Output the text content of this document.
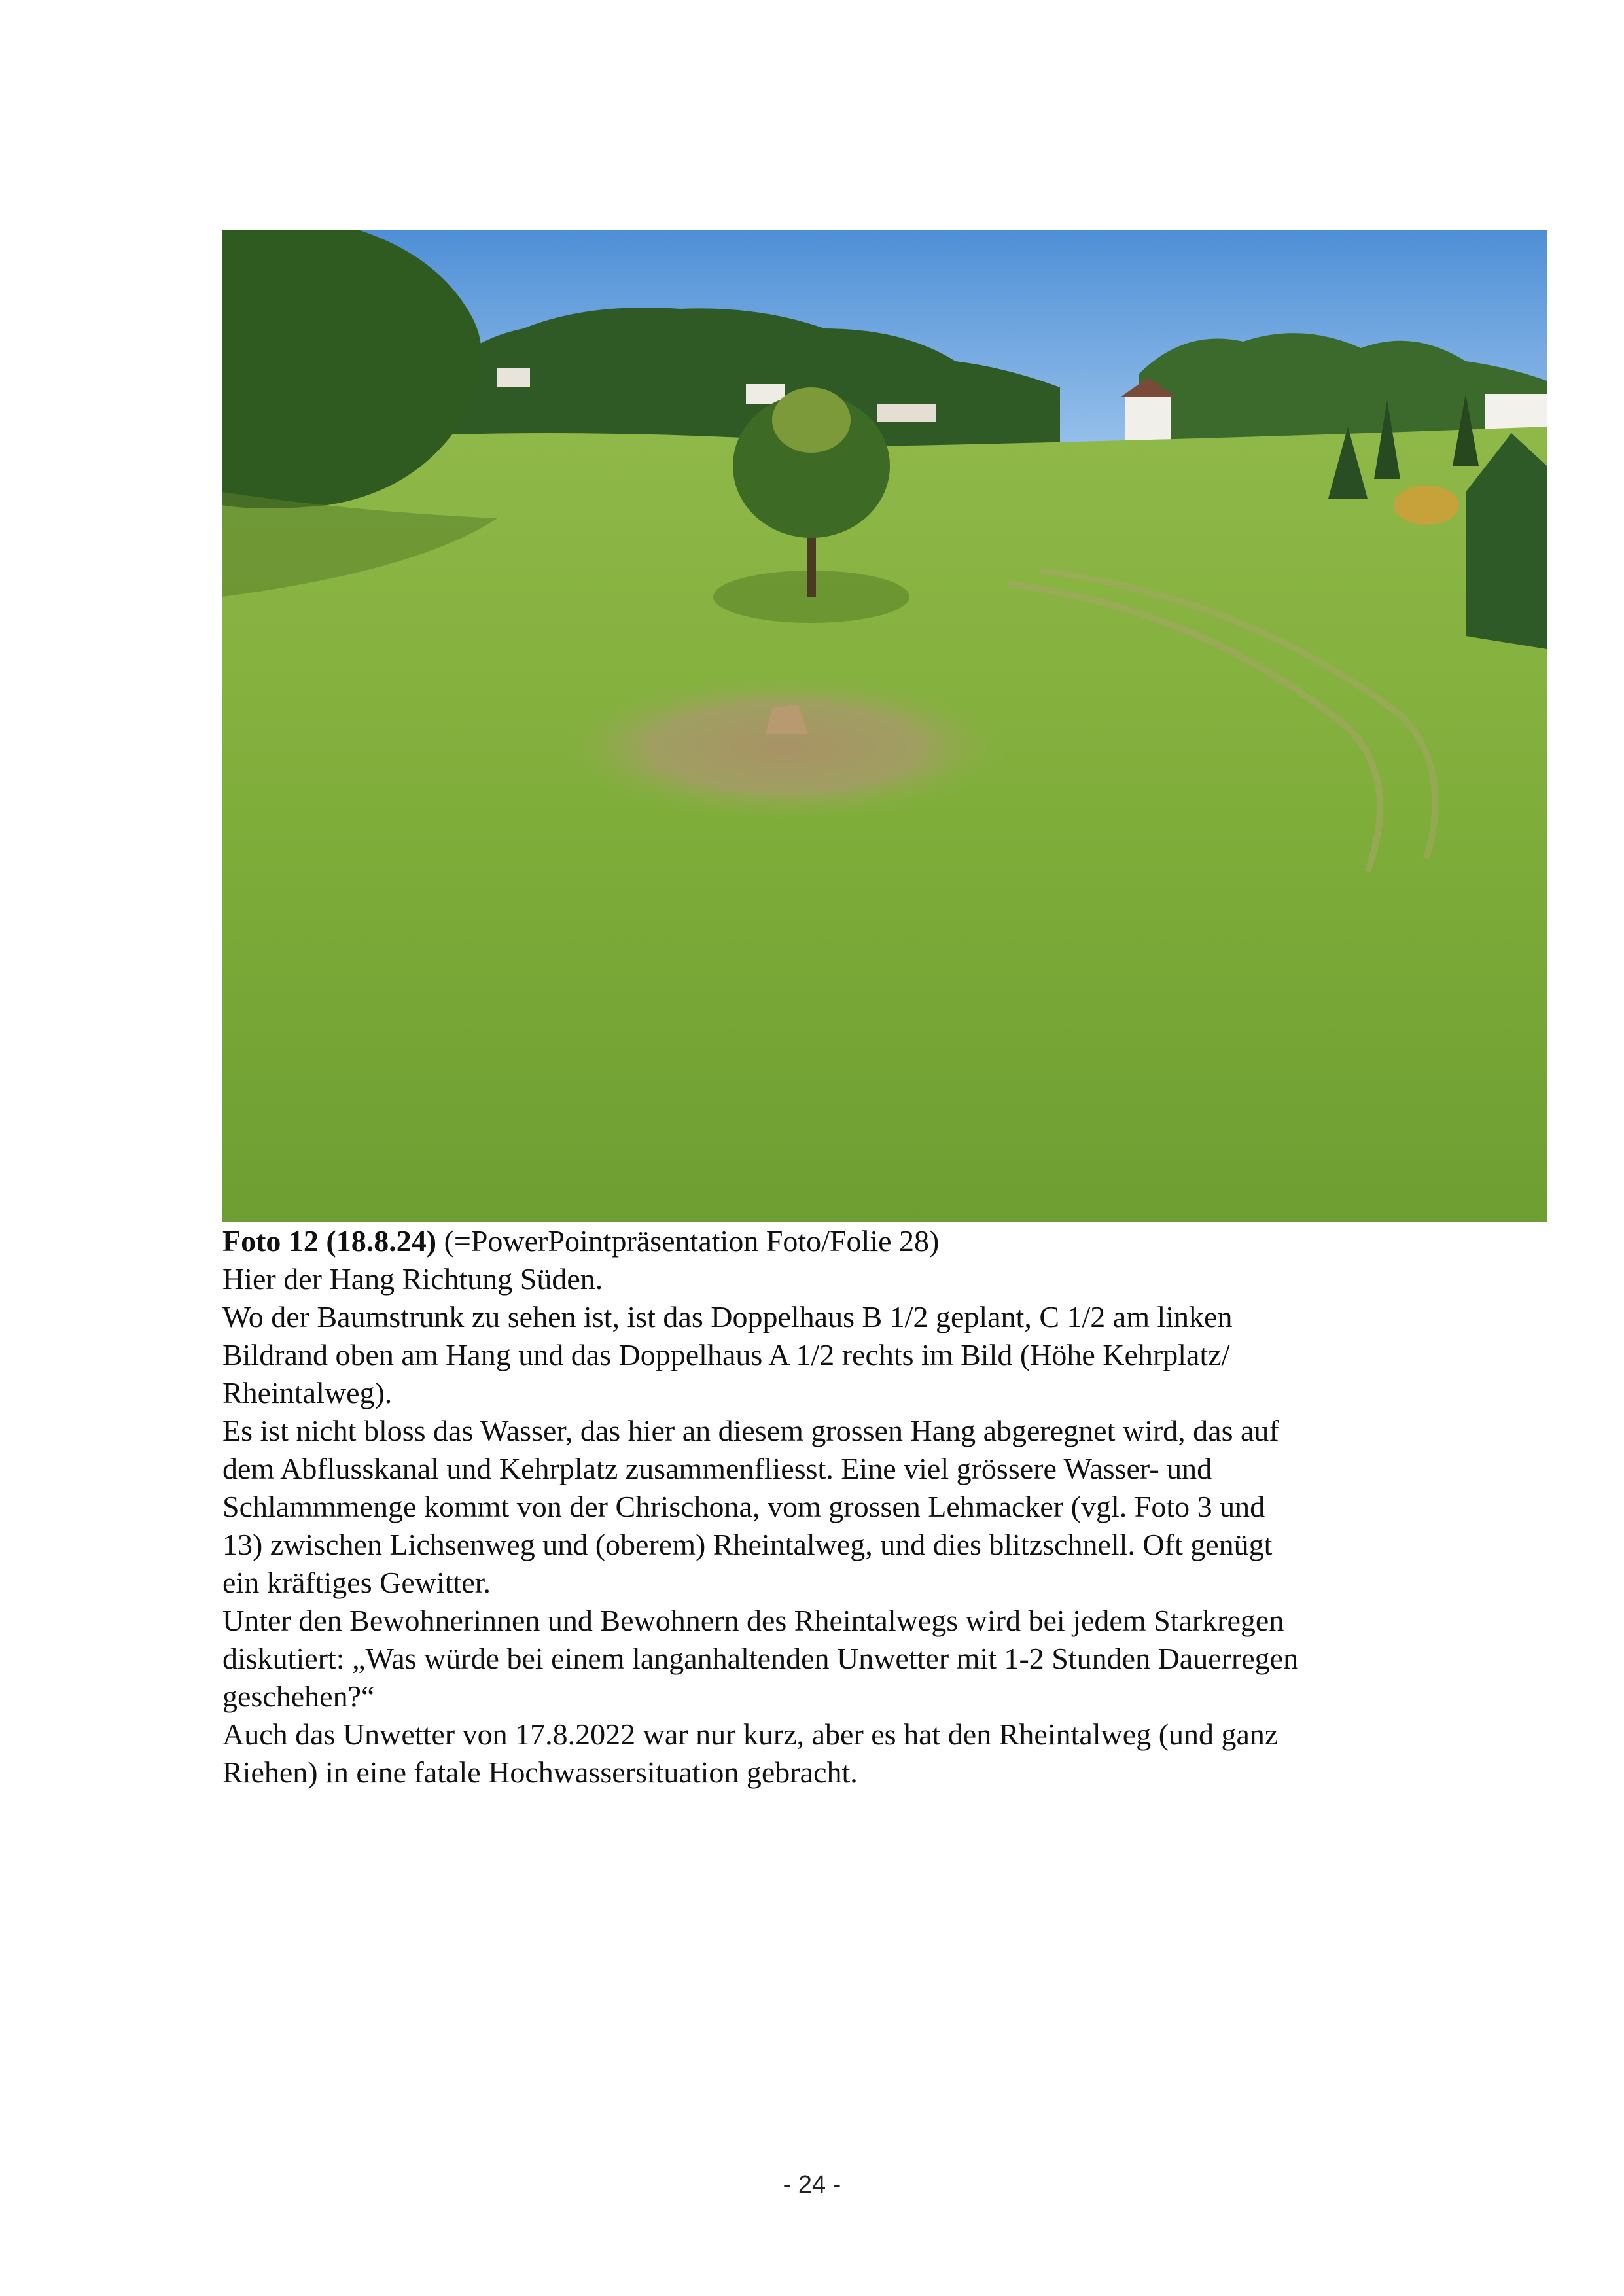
Foto 12 (18.8.24) (=PowerPointpräsentation Foto/Folie 28)

Hier der Hang Richtung Süden.

Wo der Baumstrunk zu sehen ist, ist das Doppelhaus B 1/2 geplant, C 1/2 am linken

Bildrand oben am Hang und das Doppelhaus A 1/2 rechts im Bild (Höhe Kehrplatz/

Rheintalweg).

Es ist nicht bloss das Wasser, das hier an diesem grossen Hang abgeregnet wird, das auf

dem Abflusskanal und Kehrplatz zusammenfliesst. Eine viel grössere Wasser- und

Schlammmenge kommt von der Chrischona, vom grossen Lehmacker (vgl. Foto 3 und

13) zwischen Lichsenweg und (oberem) Rheintalweg, und dies blitzschnell. Oft genügt

ein kräftiges Gewitter.

Unter den Bewohnerinnen und Bewohnern des Rheintalwegs wird bei jedem Starkregen

diskutiert: „Was würde bei einem langanhaltenden Unwetter mit 1-2 Stunden Dauerregen

geschehen?“

Auch das Unwetter von 17.8.2022 war nur kurz, aber es hat den Rheintalweg (und ganz

Riehen) in eine fatale Hochwassersituation gebracht.

- 24 -
